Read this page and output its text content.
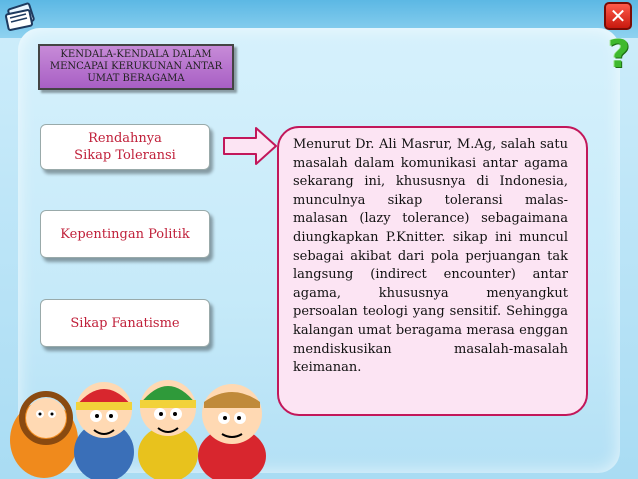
✕
?
KENDALA-KENDALA DALAM MENCAPAI KERUKUNAN ANTAR UMAT BERAGAMA
Rendahnya Sikap Toleransi
Kepentingan Politik
Sikap Fanatisme

Menurut Dr. Ali Masrur, M.Ag, salah satu masalah dalam komunikasi antar agama sekarang ini, khususnya di Indonesia, munculnya sikap toleransi malas-malasan (lazy tolerance) sebagaimana diungkapkan P.Knitter. sikap ini muncul sebagai akibat dari pola perjuangan tak langsung (indirect encounter) antar agama, khususnya menyangkut persoalan teologi yang sensitif. Sehingga kalangan umat beragama merasa enggan mendiskusikan masalah-masalah keimanan.
